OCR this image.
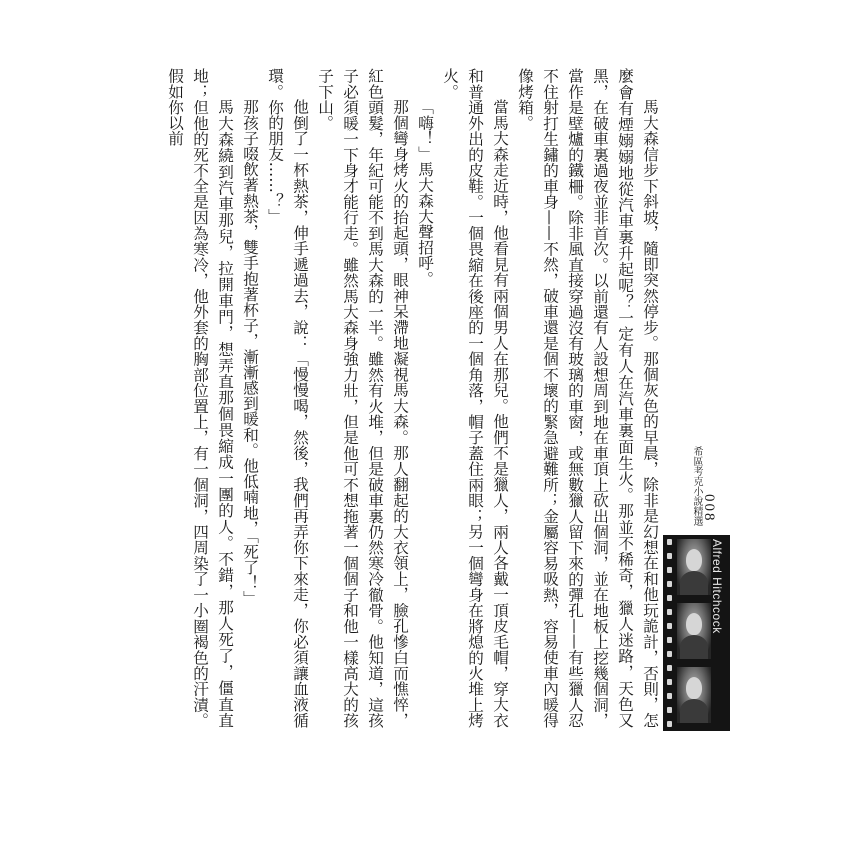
馬大森信步下斜坡，隨即突然停步。那個灰色的早晨，除非是幻想在和他玩詭計，否則，怎麼會有煙嫋嫋地從汽車裏升起呢？一定有人在汽車裏面生火。那並不稀奇，獵人迷路，天色又黑，在破車裏過夜並非首次。以前還有人設想周到地在車頂上砍出個洞，並在地板上挖幾個洞，當作是壁爐的鐵柵。除非風直接穿過沒有玻璃的車窗，或無數獵人留下來的彈孔——有些獵人忍不住射打生鏽的車身——不然，破車還是個不壞的緊急避難所；金屬容易吸熱，容易使車內暖得像烤箱。

當馬大森走近時，他看見有兩個男人在那兒。他們不是獵人，兩人各戴一頂皮毛帽，穿大衣和普通外出的皮鞋。一個畏縮在後座的一個角落，帽子蓋住兩眼；另一個彎身在將熄的火堆上烤火。

「嗨！」馬大森大聲招呼。

那個彎身烤火的抬起頭，眼神呆滯地凝視馬大森。那人翻起的大衣領上，臉孔慘白而憔悴，紅色頭髮，年紀可能不到馬大森的一半。雖然有火堆，但是破車裏仍然寒冷徹骨。他知道，這孩子必須暖一下身才能行走。雖然馬大森身強力壯，但是他可不想拖著一個個子和他一樣高大的孩子下山。

他倒了一杯熱茶，伸手遞過去，說：「慢慢喝，然後，我們再弄你下來走，你必須讓血液循環。你的朋友……？」

那孩子啜飲著熱茶，雙手抱著杯子，漸漸感到暖和。他低喃地，「死了！」

馬大森繞到汽車那兒，拉開車門，想弄直那個畏縮成一團的人。不錯，那人死了，僵直直地；但他的死不全是因為寒冷，他外套的胸部位置上，有一個洞，四周染了一小圈褐色的汗漬。假如你以前

希區考克小說精選 008
Alfred Hitchcock
